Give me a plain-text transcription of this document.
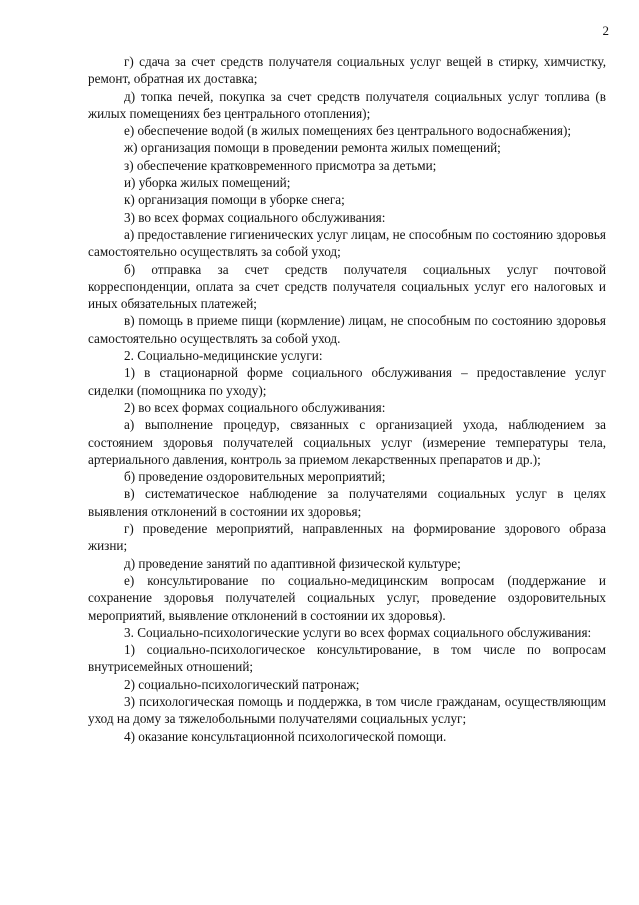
2

г) сдача за счет средств получателя социальных услуг вещей в стирку, химчистку, ремонт, обратная их доставка;

д) топка печей, покупка за счет средств получателя социальных услуг топлива (в жилых помещениях без центрального отопления);

е) обеспечение водой (в жилых помещениях без центрального водоснабжения);

ж) организация помощи в проведении ремонта жилых помещений;

з) обеспечение кратковременного присмотра за детьми;

и) уборка жилых помещений;

к) организация помощи в уборке снега;

3) во всех формах социального обслуживания:

а) предоставление гигиенических услуг лицам, не способным по состоянию здоровья самостоятельно осуществлять за собой уход;

б) отправка за счет средств получателя социальных услуг почтовой корреспонденции, оплата за счет средств получателя социальных услуг его налоговых и иных обязательных платежей;

в) помощь в приеме пищи (кормление) лицам, не способным по состоянию здоровья самостоятельно осуществлять за собой уход.

2. Социально-медицинские услуги:

1) в стационарной форме социального обслуживания – предоставление услуг сиделки (помощника по уходу);

2) во всех формах социального обслуживания:

а) выполнение процедур, связанных с организацией ухода, наблюдением за состоянием здоровья получателей социальных услуг (измерение температуры тела, артериального давления, контроль за приемом лекарственных препаратов и др.);

б) проведение оздоровительных мероприятий;

в) систематическое наблюдение за получателями социальных услуг в целях выявления отклонений в состоянии их здоровья;

г) проведение мероприятий, направленных на формирование здорового образа жизни;

д) проведение занятий по адаптивной физической культуре;

е) консультирование по социально-медицинским вопросам (поддержание и сохранение здоровья получателей социальных услуг, проведение оздоровительных мероприятий, выявление отклонений в состоянии их здоровья).

3. Социально-психологические услуги во всех формах социального обслуживания:

1) социально-психологическое консультирование, в том числе по вопросам внутрисемейных отношений;

2) социально-психологический патронаж;

3) психологическая помощь и поддержка, в том числе гражданам, осуществляющим уход на дому за тяжелобольными получателями социальных услуг;

4) оказание консультационной психологической помощи.
